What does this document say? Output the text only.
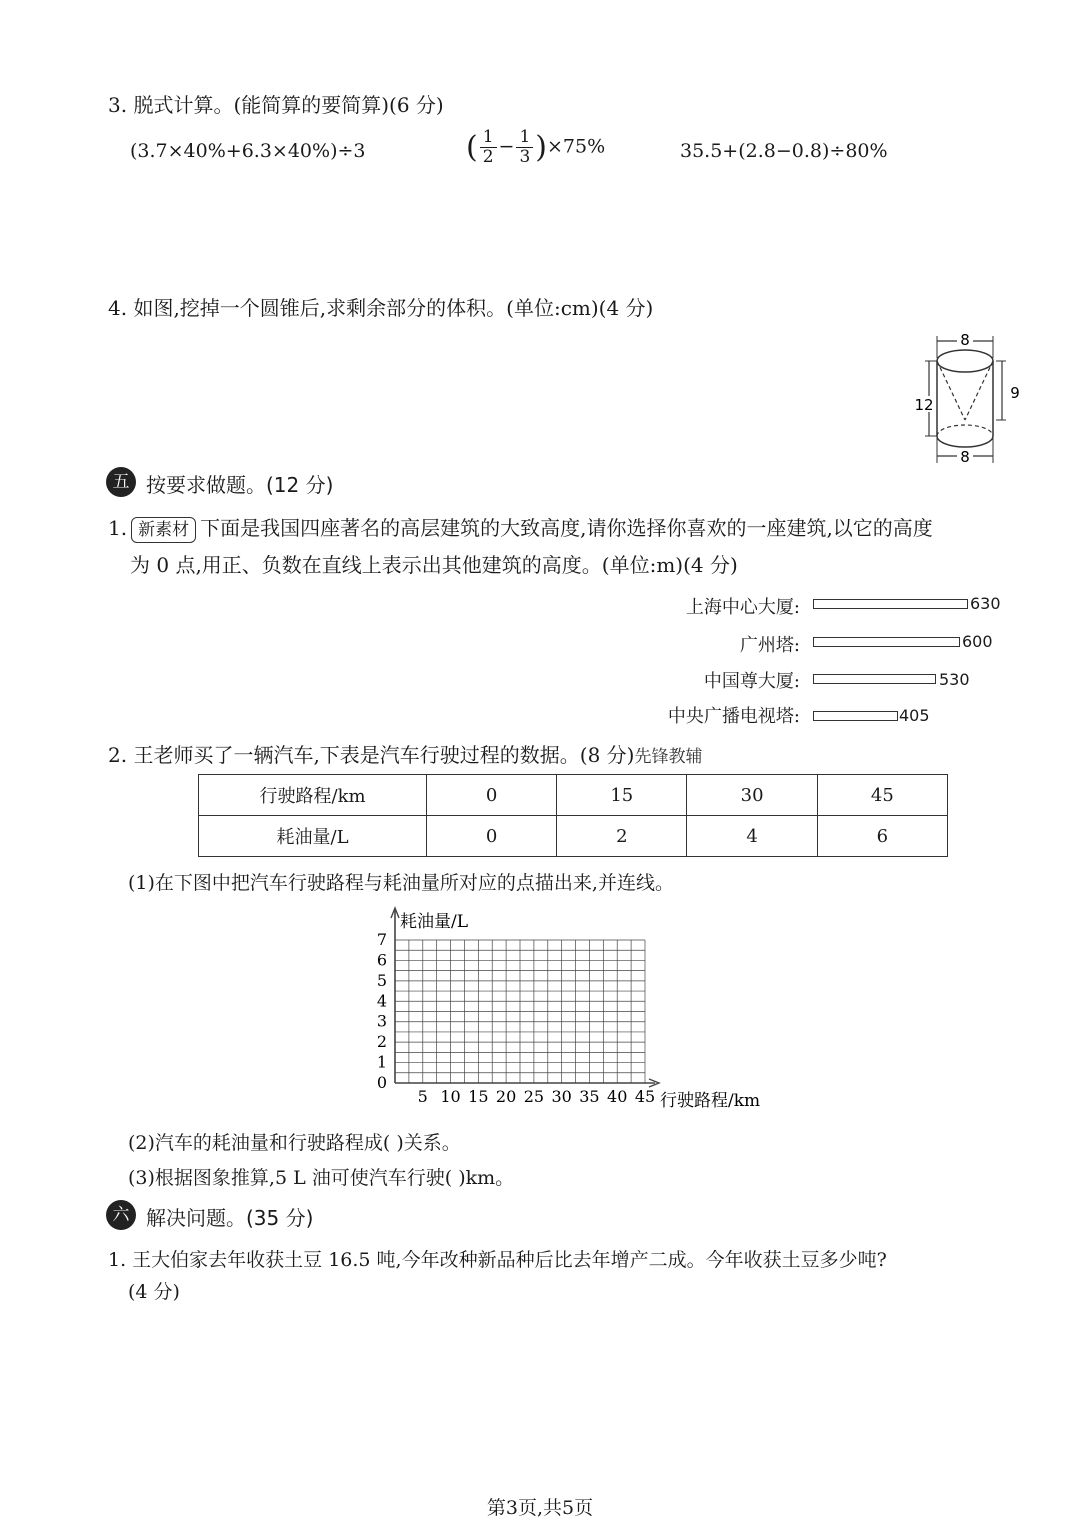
3. 脱式计算。(能简算的要简算)(6 分)
(3.7×40%+6.3×40%)÷3	( $\frac{1}{2} - \frac{1}{3} )\times 75\%$	35.5+(2.8−0.8)÷80%
4. 如图,挖掉一个圆锥后,求剩余部分的体积。(单位:cm)(4 分)
8
8
12
9
五 按要求做题。(12 分)
1. 新素材 下面是我国四座著名的高层建筑的大致高度,请你选择你喜欢的一座建筑,以它的高度
为 0 点,用正、负数在直线上表示出其他建筑的高度。(单位:m)(4 分)
上海中心大厦:	630
广州塔:	600
中国尊大厦:	530
中央广播电视塔:	405
2. 王老师买了一辆汽车,下表是汽车行驶过程的数据。(8 分)先锋教辅
行驶路程/km	0	15	30	45
耗油量/L	0	2	4	6
(1)在下图中把汽车行驶路程与耗油量所对应的点描出来,并连线。
5 10 15 20 25 30 35 40 45
1
2
3
4
5
6
7
耗油量/L
行驶路程/km
0
(2)汽车的耗油量和行驶路程成( )关系。
(3)根据图象推算,5 L 油可使汽车行驶( )km。
六 解决问题。(35 分)
1. 王大伯家去年收获土豆 16.5 吨,今年改种新品种后比去年增产二成。今年收获土豆多少吨?
(4 分)
第3页,共5页
